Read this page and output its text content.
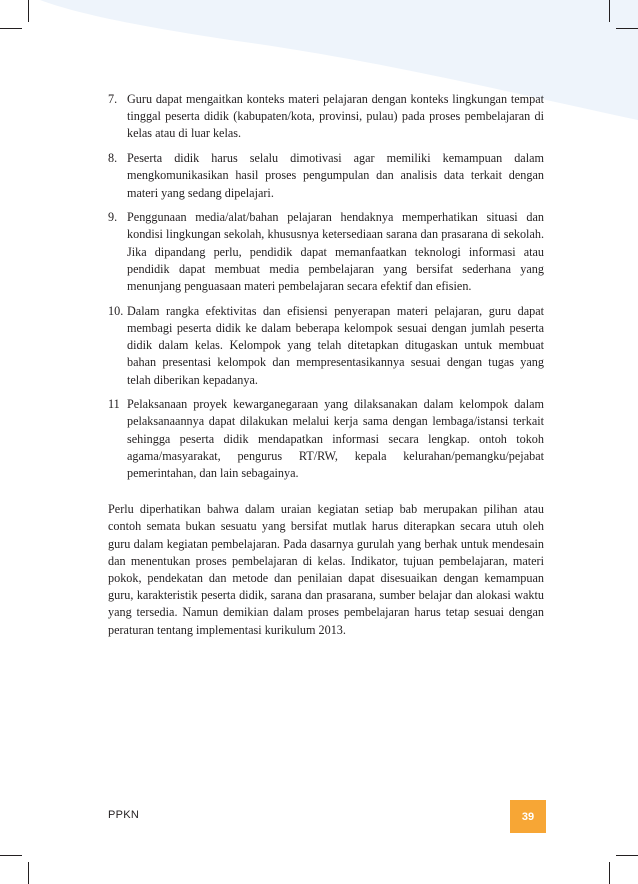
7. Guru dapat mengaitkan konteks materi pelajaran dengan konteks lingkungan tempat tinggal peserta didik (kabupaten/kota, provinsi, pulau) pada proses pembelajaran di kelas atau di luar kelas.
8. Peserta didik harus selalu dimotivasi agar memiliki kemampuan dalam mengkomunikasikan hasil proses pengumpulan dan analisis data terkait dengan materi yang sedang dipelajari.
9. Penggunaan media/alat/bahan pelajaran hendaknya memperhatikan situasi dan kondisi lingkungan sekolah, khususnya ketersediaan sarana dan prasarana di sekolah. Jika dipandang perlu, pendidik dapat memanfaatkan teknologi informasi atau pendidik dapat membuat media pembelajaran yang bersifat sederhana yang menunjang penguasaan materi pembelajaran secara efektif dan efisien.
10. Dalam rangka efektivitas dan efisiensi penyerapan materi pelajaran, guru dapat membagi peserta didik ke dalam beberapa kelompok sesuai dengan jumlah peserta didik dalam kelas. Kelompok yang telah ditetapkan ditugaskan untuk membuat bahan presentasi kelompok dan mempresentasikannya sesuai dengan tugas yang telah diberikan kepadanya.
11 Pelaksanaan proyek kewarganegaraan yang dilaksanakan dalam kelompok dalam pelaksanaannya dapat dilakukan melalui kerja sama dengan lembaga/istansi terkait sehingga peserta didik mendapatkan informasi secara lengkap. ontoh tokoh agama/masyarakat, pengurus RT/RW, kepala kelurahan/pemangku/pejabat pemerintahan, dan lain sebagainya.

Perlu diperhatikan bahwa dalam uraian kegiatan setiap bab merupakan pilihan atau contoh semata bukan sesuatu yang bersifat mutlak harus diterapkan secara utuh oleh guru dalam kegiatan pembelajaran. Pada dasarnya gurulah yang berhak untuk mendesain dan menentukan proses pembelajaran di kelas. Indikator, tujuan pembelajaran, materi pokok, pendekatan dan metode dan penilaian dapat disesuaikan dengan kemampuan guru, karakteristik peserta didik, sarana dan prasarana, sumber belajar dan alokasi waktu yang tersedia. Namun demikian dalam proses pembelajaran harus tetap sesuai dengan peraturan tentang implementasi kurikulum 2013.

PPKN	39
